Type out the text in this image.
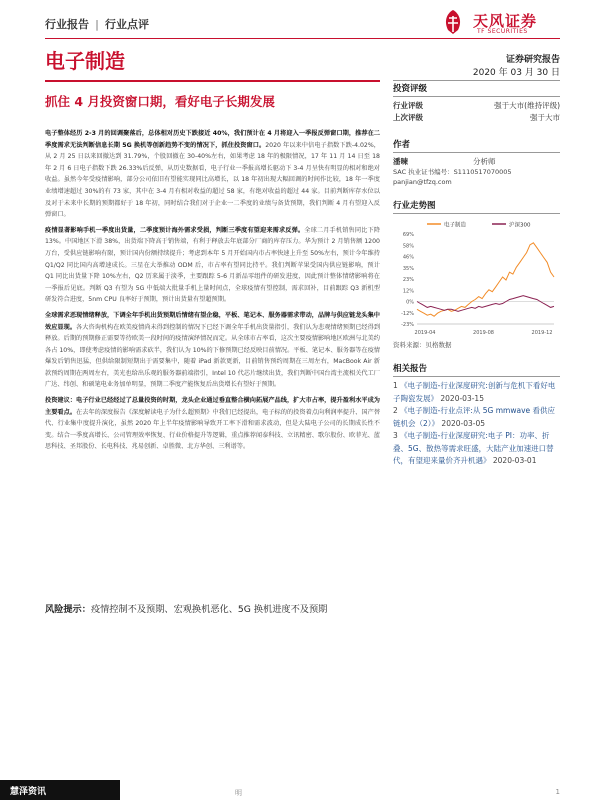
行业报告 | 行业点评	天风证券
TF SECURITIES
电子制造	证券研究报告
2020 年 03 月 30 日
抓住 4 月投资窗口期，看好电子长期发展

电子整体经历 2-3 月的回调聚落后，总体相对历史下跌接近 40%，我们预计在 4 月将迎入一季报反弹窗口期，推荐在二季度需求无法判断信息长期 5G 换机等创新趋势不变的情况下，抓住投资窗口。2020 年以来中信电子指数下跌-4.02%，从 2 月 25 日以来回撤达到 31.79%，个股回撤在 30-40%左右，如果考虑 18 年的极限情况，17 年 11 月 14 日至 18 年 2 月 6 日电子指数下跌 26.33%后反弹，从历史数据看，电子行业一季报高增长驱动下 3-4 月呈快有明显的相对和绝对收益。虽然今年受疫情影响，部分公司依旧有望能实现同比高增长，以 18 年初出现大幅回调的时间作比较，18 年一季度业绩增速超过 30%的有 73 家，其中在 3-4 月有相对收益的超过 58 家，有绝对收益的超过 44 家。目前判断库存水位以及对于未来中长期的预期都好于 18 年初，同时结合我们对于企业一二季度的业绩与备货预期，我们判断 4 月有望迎入反弹窗口。

疫情显著影响手机一季度出货量，二季度预计海外需求受损，判断三季度有望迎来需求反弹。全球二月手机销售同比下降 13%。中国地区下滑 38%，出货端下降高于销售端，有利于释放去年底部分厂商的库存压力。华为预计 2 月销售额 1200 万台，受供应链影响有限，预计国内份额持续提升；考虑到本年 5 月开始国内市占率快速上升至 50%左右，预计今年维持 Q1/Q2 同比国内高增速成长。三星在大举推动 ODM 后，市占率有望同比持平。我们判断苹果受国内供应链影响，预计 Q1 同比出货量下降 10%左右，Q2 历来属于淡季，主要跟踪 5-6 月新品零组件的研发进度，因此预计整体情绪影响将在一季报后见底。判断 Q3 有望为 5G 中低端大批量手机上量时间点，全球疫情有望控制，需求回补，目前跟踪 Q3 新机型研发符合进度，5nm CPU 良率好于预期，预计出货量有望超预期。

全球需求恶现情绪释放，下调全年手机出货预期后情绪有望企稳，平板、笔记本、服务器需求带动，品牌与供应链龙头集中效应显现。各大咨询机构在欧美疫情尚未得到控制的情况下已经下调全年手机出货量指引，我们认为悲观情绪预期已经得到释放。后期的预期修正需要等待欧美一段时间的疫情演绎情况而定。从全球市占率看，这次主要疫情影响地区欧洲与北美约各占 10%，即使考虑疫情的影响需求砍半，我们认为 10%的下修预期已经反映目前情况。平板、笔记本、服务器等在疫情爆发后销售迅猛，但供给限制短期出于需要集中，随着 iPad 新款更新，目前销售预约周期在三周左右，MacBook Air 新款预约周期在两周左右，美光也给出乐观的服务器前端指引，Intel 10 代芯片继续出货，我们判断中国台湾主流相关代工厂广达、纬创、和硕笔电业务加单明显，预期二季度产能恢复后出货增长有望好于预期。

投资建议：电子行业已经经过了总量投资的时期，龙头企业通过垂直整合横向拓展产品线，扩大市占率，提升盈利水平成为主要看点。在去年的深度报告《深度解读电子为什么超预期》中我们已经提出，电子标的的投资着点向利润率提升、国产替代、行业集中度提升演化，虽然 2020 年上半年疫情影响导致开工率下滑和需求波动，但是大陆电子公司的长期成长性不变。结合一季度高增长、公司管理效率恢复、行业价格提升等逻辑，重点推荐闻泰科技、立讯精密、歌尔股份、欧菲光、蓝思科技、圣邦股份、长电科技、兆易创新、卓胜微、北方华创、三利谱等。

风险提示：疫情控制不及预期、宏观换机恶化、5G 换机进度不及预期
投资评级
行业评级	强于大市(维持评级)
上次评级	强于大市
作者
潘暕	分析师
SAC 执业证书编号：S1110517070005
panjian@tfzq.com
行业走势图
电子制造	沪深300
69%
58%
46%
35%
23%
12%
0%
-12%
-23%
2019-04	2019-08	2019-12
资料来源：贝格数据
相关报告
1 《电子制造-行业深度研究:创新与危机下看好电子陶瓷发展》 2020-03-15
2 《电子制造-行业点评:从 5G mmwave 看供应链机会（2）》 2020-03-05
3 《电子制造-行业深度研究:电子 PI：功率、折叠、5G、散热等需求旺盛，大陆产业加速进口替代，有望迎来量价齐升机遇》 2020-03-01
慧泽资讯	明	1
